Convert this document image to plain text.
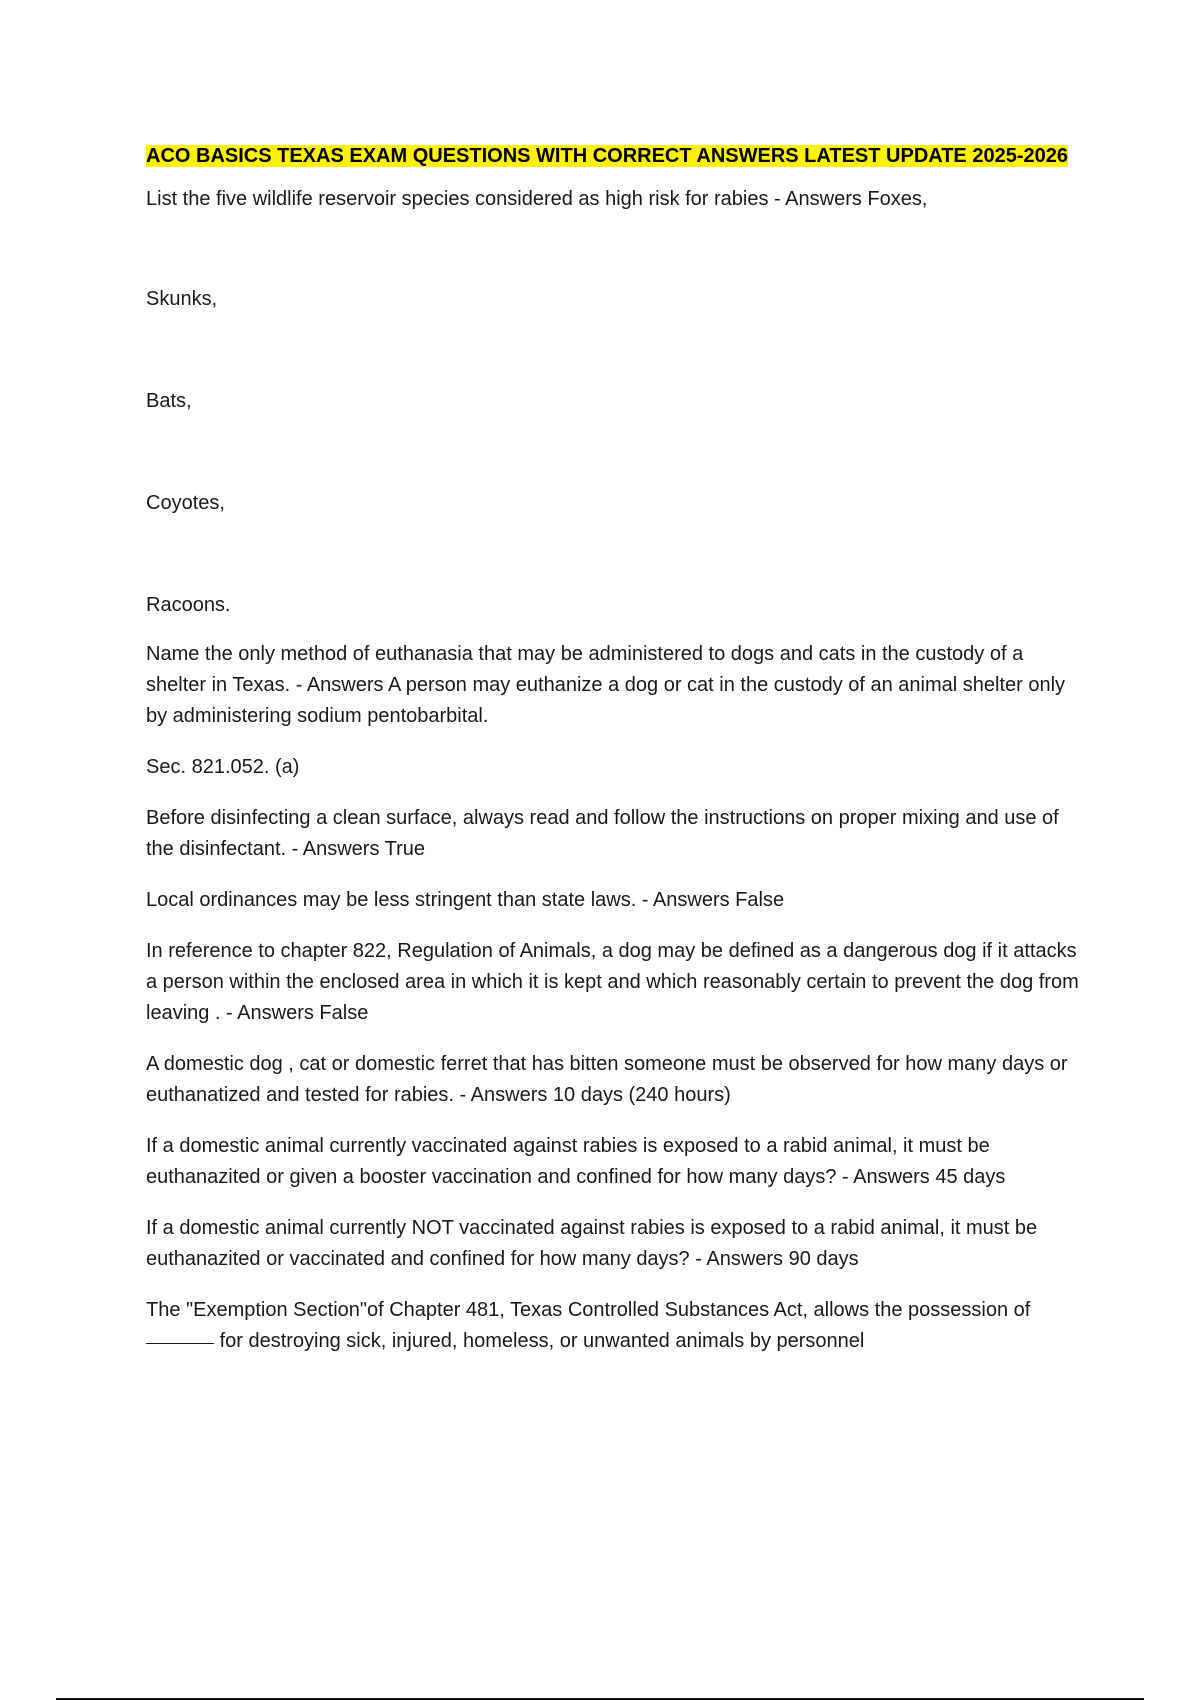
ACO BASICS TEXAS EXAM QUESTIONS WITH CORRECT ANSWERS LATEST UPDATE 2025-2026

List the five wildlife reservoir species considered as high risk for rabies - Answers Foxes,

Skunks,

Bats,

Coyotes,

Racoons.

Name the only method of euthanasia that may be administered to dogs and cats in the custody of a shelter in Texas. - Answers A person may euthanize a dog or cat in the custody of an animal shelter only by administering sodium pentobarbital.

Sec. 821.052. (a)

Before disinfecting a clean surface, always read and follow the instructions on proper mixing and use of the disinfectant. - Answers True

Local ordinances may be less stringent than state laws. - Answers False

In reference to chapter 822, Regulation of Animals, a dog may be defined as a dangerous dog if it attacks a person within the enclosed area in which it is kept and which reasonably certain to prevent the dog from leaving . - Answers False

A domestic dog , cat or domestic ferret that has bitten someone must be observed for how many days or euthanatized and tested for rabies. - Answers 10 days (240 hours)

If a domestic animal currently vaccinated against rabies is exposed to a rabid animal, it must be euthanazited or given a booster vaccination and confined for how many days? - Answers 45 days

If a domestic animal currently NOT vaccinated against rabies is exposed to a rabid animal, it must be euthanazited or vaccinated and confined for how many days? - Answers 90 days

The "Exemption Section"of Chapter 481, Texas Controlled Substances Act, allows the possession of  for destroying sick, injured, homeless, or unwanted animals by personnel
